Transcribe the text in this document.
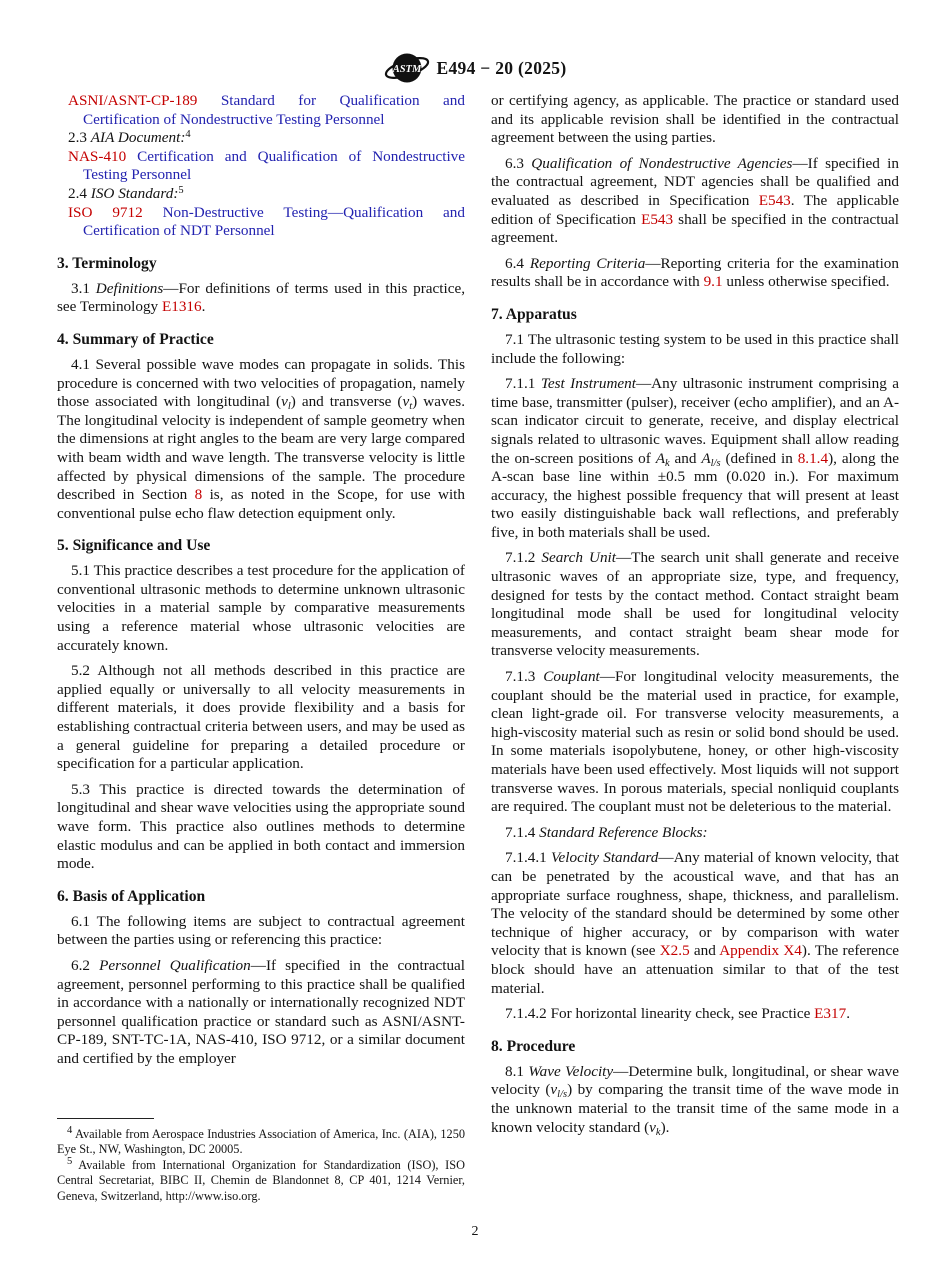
ASTM E494 − 20 (2025)

ASNI/ASNT-CP-189 Standard for Qualification and Certification of Nondestructive Testing Personnel

2.3 AIA Document:$^4$

NAS-410 Certification and Qualification of Nondestructive Testing Personnel

2.4 ISO Standard:$^5$

ISO 9712 Non-Destructive Testing—Qualification and Certification of NDT Personnel

3. Terminology

3.1 Definitions—For definitions of terms used in this practice, see Terminology E1316.

4. Summary of Practice

4.1 Several possible wave modes can propagate in solids. This procedure is concerned with two velocities of propagation, namely those associated with longitudinal (vl) and transverse (vt) waves. The longitudinal velocity is independent of sample geometry when the dimensions at right angles to the beam are very large compared with beam width and wave length. The transverse velocity is little affected by physical dimensions of the sample. The procedure described in Section 8 is, as noted in the Scope, for use with conventional pulse echo flaw detection equipment only.

5. Significance and Use

5.1 This practice describes a test procedure for the application of conventional ultrasonic methods to determine unknown ultrasonic velocities in a material sample by comparative measurements using a reference material whose ultrasonic velocities are accurately known.

5.2 Although not all methods described in this practice are applied equally or universally to all velocity measurements in different materials, it does provide flexibility and a basis for establishing contractual criteria between users, and may be used as a general guideline for preparing a detailed procedure or specification for a particular application.

5.3 This practice is directed towards the determination of longitudinal and shear wave velocities using the appropriate sound wave form. This practice also outlines methods to determine elastic modulus and can be applied in both contact and immersion mode.

6. Basis of Application

6.1 The following items are subject to contractual agreement between the parties using or referencing this practice:

6.2 Personnel Qualification—If specified in the contractual agreement, personnel performing to this practice shall be qualified in accordance with a nationally or internationally recognized NDT personnel qualification practice or standard such as ASNI/ASNT-CP-189, SNT-TC-1A, NAS-410, ISO 9712, or a similar document and certified by the employer

4 Available from Aerospace Industries Association of America, Inc. (AIA), 1250 Eye St., NW, Washington, DC 20005.

5 Available from International Organization for Standardization (ISO), ISO Central Secretariat, BIBC II, Chemin de Blandonnet 8, CP 401, 1214 Vernier, Geneva, Switzerland, http://www.iso.org.

or certifying agency, as applicable. The practice or standard used and its applicable revision shall be identified in the contractual agreement between the using parties.

6.3 Qualification of Nondestructive Agencies—If specified in the contractual agreement, NDT agencies shall be qualified and evaluated as described in Specification E543. The applicable edition of Specification E543 shall be specified in the contractual agreement.

6.4 Reporting Criteria—Reporting criteria for the examination results shall be in accordance with 9.1 unless otherwise specified.

7. Apparatus

7.1 The ultrasonic testing system to be used in this practice shall include the following:

7.1.1 Test Instrument—Any ultrasonic instrument comprising a time base, transmitter (pulser), receiver (echo amplifier), and an A-scan indicator circuit to generate, receive, and display electrical signals related to ultrasonic waves. Equipment shall allow reading the on-screen positions of Ak and Al/s (defined in 8.1.4), along the A-scan base line within ±0.5 mm (0.020 in.). For maximum accuracy, the highest possible frequency that will present at least two easily distinguishable back wall reflections, and preferably five, in both materials shall be used.

7.1.2 Search Unit—The search unit shall generate and receive ultrasonic waves of an appropriate size, type, and frequency, designed for tests by the contact method. Contact straight beam longitudinal mode shall be used for longitudinal velocity measurements, and contact straight beam shear mode for transverse velocity measurements.

7.1.3 Couplant—For longitudinal velocity measurements, the couplant should be the material used in practice, for example, clean light-grade oil. For transverse velocity measurements, a high-viscosity material such as resin or solid bond should be used. In some materials isopolybutene, honey, or other high-viscosity materials have been used effectively. Most liquids will not support transverse waves. In porous materials, special nonliquid couplants are required. The couplant must not be deleterious to the material.

7.1.4 Standard Reference Blocks:

7.1.4.1 Velocity Standard—Any material of known velocity, that can be penetrated by the acoustical wave, and that has an appropriate surface roughness, shape, thickness, and parallelism. The velocity of the standard should be determined by some other technique of higher accuracy, or by comparison with water velocity that is known (see X2.5 and Appendix X4). The reference block should have an attenuation similar to that of the test material.

7.1.4.2 For horizontal linearity check, see Practice E317.

8. Procedure

8.1 Wave Velocity—Determine bulk, longitudinal, or shear wave velocity (vl/s) by comparing the transit time of the wave mode in the unknown material to the transit time of the same mode in a known velocity standard (vk).

2
